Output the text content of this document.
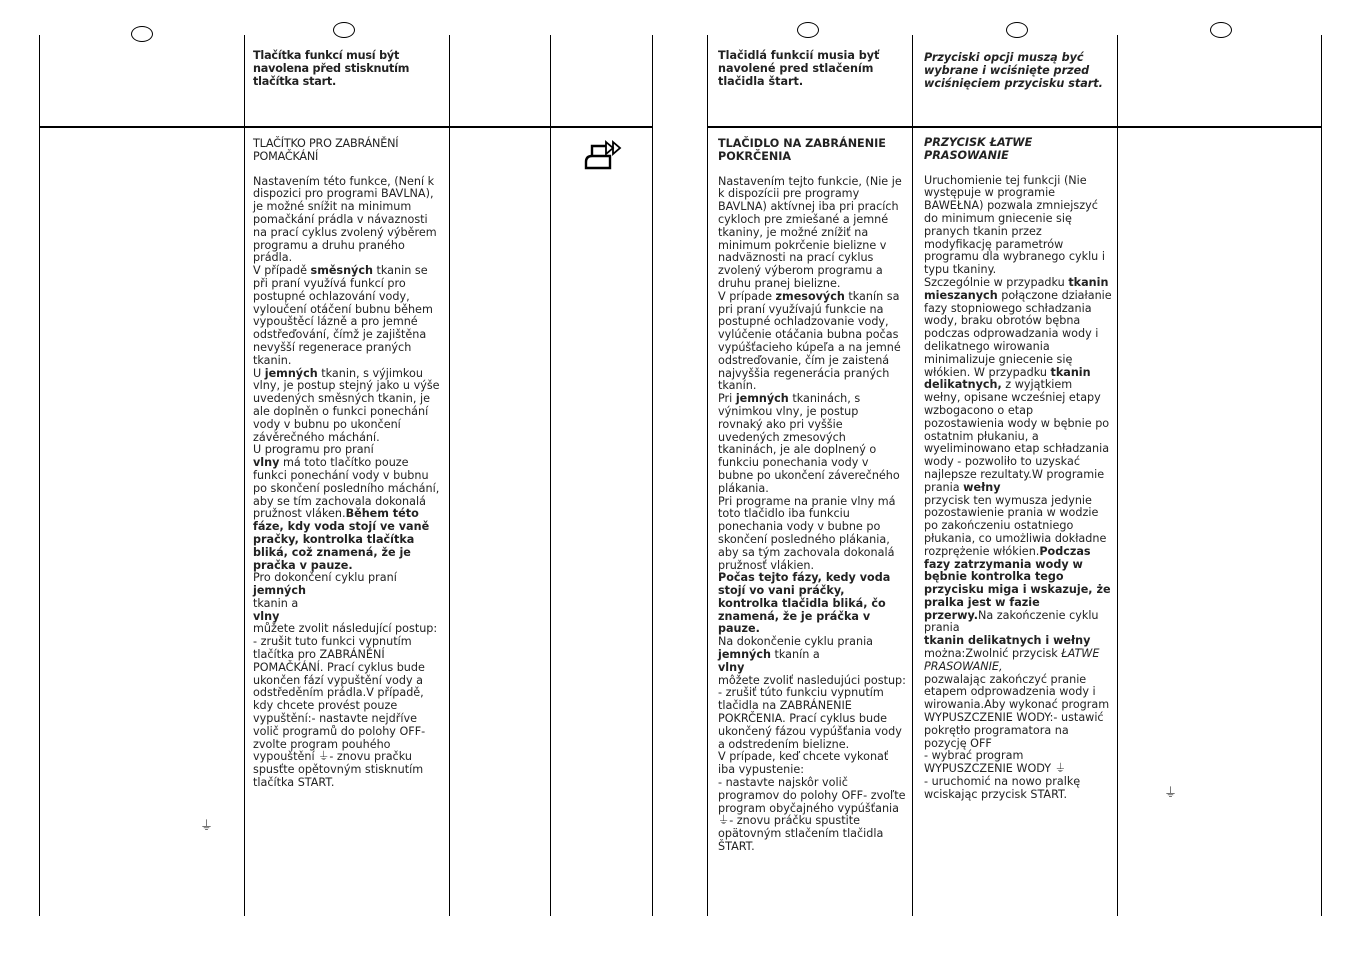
Tlačítka funkcí musí být navolena před stisknutím tlačítka start.

Tlačidlá funkcií musia byť navolené pred stlačením tlačidla štart.

Przyciski opcji muszą być wybrane i wciśnięte przed wciśnięciem przycisku start.

⏚
⏚

TLAČÍTKO PRO ZABRÁNĚNÍ POMAČKÁNÍ

Nastavením této funkce, (Není k dispozici pro programi BAVLNA), je možné snížit na minimum pomačkání prádla v návaznosti na prací cyklus zvolený výběrem programu a druhu praného prádla.

V případě směsných tkanin se při praní využívá funkcí pro postupné ochlazování vody, vyloučení otáčení bubnu během vypouštěcí lázně a pro jemné odstřeďování, čímž je zajištěna nevyšší regenerace praných tkanin.

U jemných tkanin, s výjimkou vlny, je postup stejný jako u výše uvedených směsných tkanin, je ale doplněn o funkci ponechání vody v bubnu po ukončení závěrečného máchání.

U programu pro praní

vlny má toto tlačítko pouze funkci ponechání vody v bubnu po skončení posledního máchání, aby se tím zachovala dokonalá pružnost vláken.Během této fáze, kdy voda stojí ve vaně pračky, kontrolka tlačítka bliká, což znamená, že je pračka v pauze.

Pro dokončení cyklu praní

jemných

tkanin a

vlny

můžete zvolit následující postup:

- zrušit tuto funkci vypnutím tlačítka pro ZABRÁNĚNÍ POMAČKÁNÍ. Prací cyklus bude ukončen fází vypuštění vody a odstředěním prádla.V případě, kdy chcete provést pouze vypuštění:- nastavte nejdříve volič programů do polohy OFF- zvolte program pouhého vypouštění ⏚- znovu pračku spusťte opětovným stisknutím tlačítka START.

TLAČIDLO NA ZABRÁNENIE POKRČENIA

Nastavením tejto funkcie, (Nie je k dispozícii pre programy BAVLNA) aktívnej iba pri pracích cykloch pre zmiešané a jemné tkaniny, je možné znížiť na minimum pokrčenie bielizne v nadväznosti na prací cyklus zvolený výberom programu a druhu pranej bielizne.

V prípade zmesových tkanín sa pri praní využívajú funkcie na postupné ochladzovanie vody, vylúčenie otáčania bubna počas vypúšťacieho kúpeľa a na jemné odstreďovanie, čím je zaistená najvyššia regenerácia praných tkanín.

Pri jemných tkaninách, s výnimkou vlny, je postup rovnaký ako pri vyššie uvedených zmesových tkaninách, je ale doplnený o funkciu ponechania vody v bubne po ukončení záverečného plákania.

Pri programe na pranie vlny má toto tlačidlo iba funkciu ponechania vody v bubne po skončení posledného plákania, aby sa tým zachovala dokonalá pružnosť vlákien.

Počas tejto fázy, kedy voda stojí vo vani práčky, kontrolka tlačidla bliká, čo znamená, že je práčka v pauze.

Na dokončenie cyklu prania jemných tkanín a

vlny

môžete zvoliť nasledujúci postup: - zrušiť túto funkciu vypnutím tlačidla na ZABRÁNENIE POKRČENIA. Prací cyklus bude ukončený fázou vypúšťania vody a odstredením bielizne.

V prípade, keď chcete vykonať iba vypustenie:

- nastavte najskôr volič programov do polohy OFF- zvoľte program obyčajného vypúšťania ⏚- znovu práčku spustite opätovným stlačením tlačidla ŠTART.

PRZYCISK ŁATWE PRASOWANIE

Uruchomienie tej funkcji (Nie występuje w programie BAWEŁNA) pozwala zmniejszyć do minimum gniecenie się pranych tkanin przez modyfikację parametrów programu dla wybranego cyklu i typu tkaniny.

Szczególnie w przypadku tkanin mieszanych połączone działanie fazy stopniowego schładzania wody, braku obrotów bębna podczas odprowadzania wody i delikatnego wirowania minimalizuje gniecenie się włókien. W przypadku tkanin delikatnych, z wyjątkiem wełny, opisane wcześniej etapy wzbogacono o etap pozostawienia wody w bębnie po ostatnim płukaniu, a wyeliminowano etap schładzania wody - pozwoliło to uzyskać najlepsze rezultaty.W programie prania wełny

przycisk ten wymusza jedynie pozostawienie prania w wodzie po zakończeniu ostatniego płukania, co umożliwia dokładne rozprężenie włókien.Podczas fazy zatrzymania wody w bębnie kontrolka tego przycisku miga i wskazuje, że pralka jest w fazie przerwy.Na zakończenie cyklu prania

tkanin delikatnych i wełny

można:Zwolnić przycisk ŁATWE PRASOWANIE,

pozwalając zakończyć pranie etapem odprowadzenia wody i wirowania.Aby wykonać program WYPUSZCZENIE WODY:- ustawić pokrętło programatora na pozycję OFF

- wybrać program WYPUSZCZENIE WODY ⏚

- uruchomić na nowo pralkę wciskając przycisk START.
